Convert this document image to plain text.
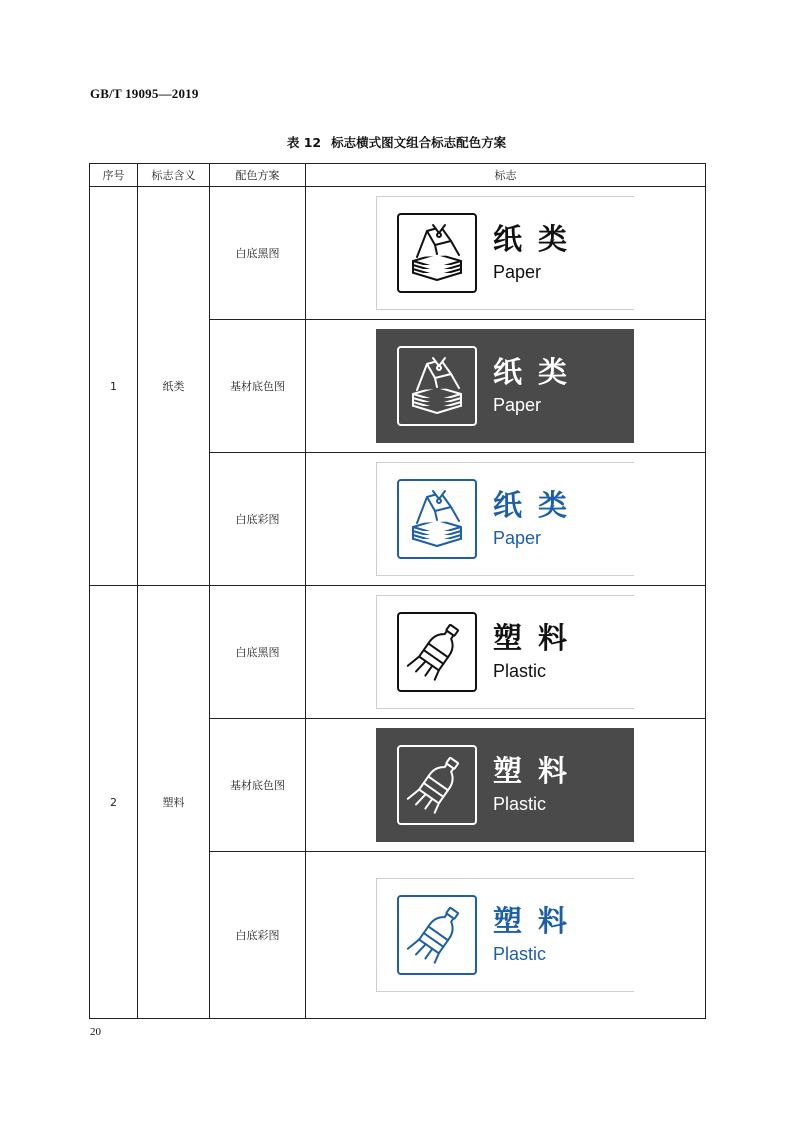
GB/T 19095—2019
表 12 标志横式图文组合标志配色方案
序号	标志含义	配色方案	标志
1	纸类	白底黑图	纸类
Paper

		基材底色图	纸类
Paper

		白底彩图	纸类
Paper

2	塑料	白底黑图	塑料
Plastic

		基材底色图	塑料
Plastic

		白底彩图	塑料
Plastic
20
